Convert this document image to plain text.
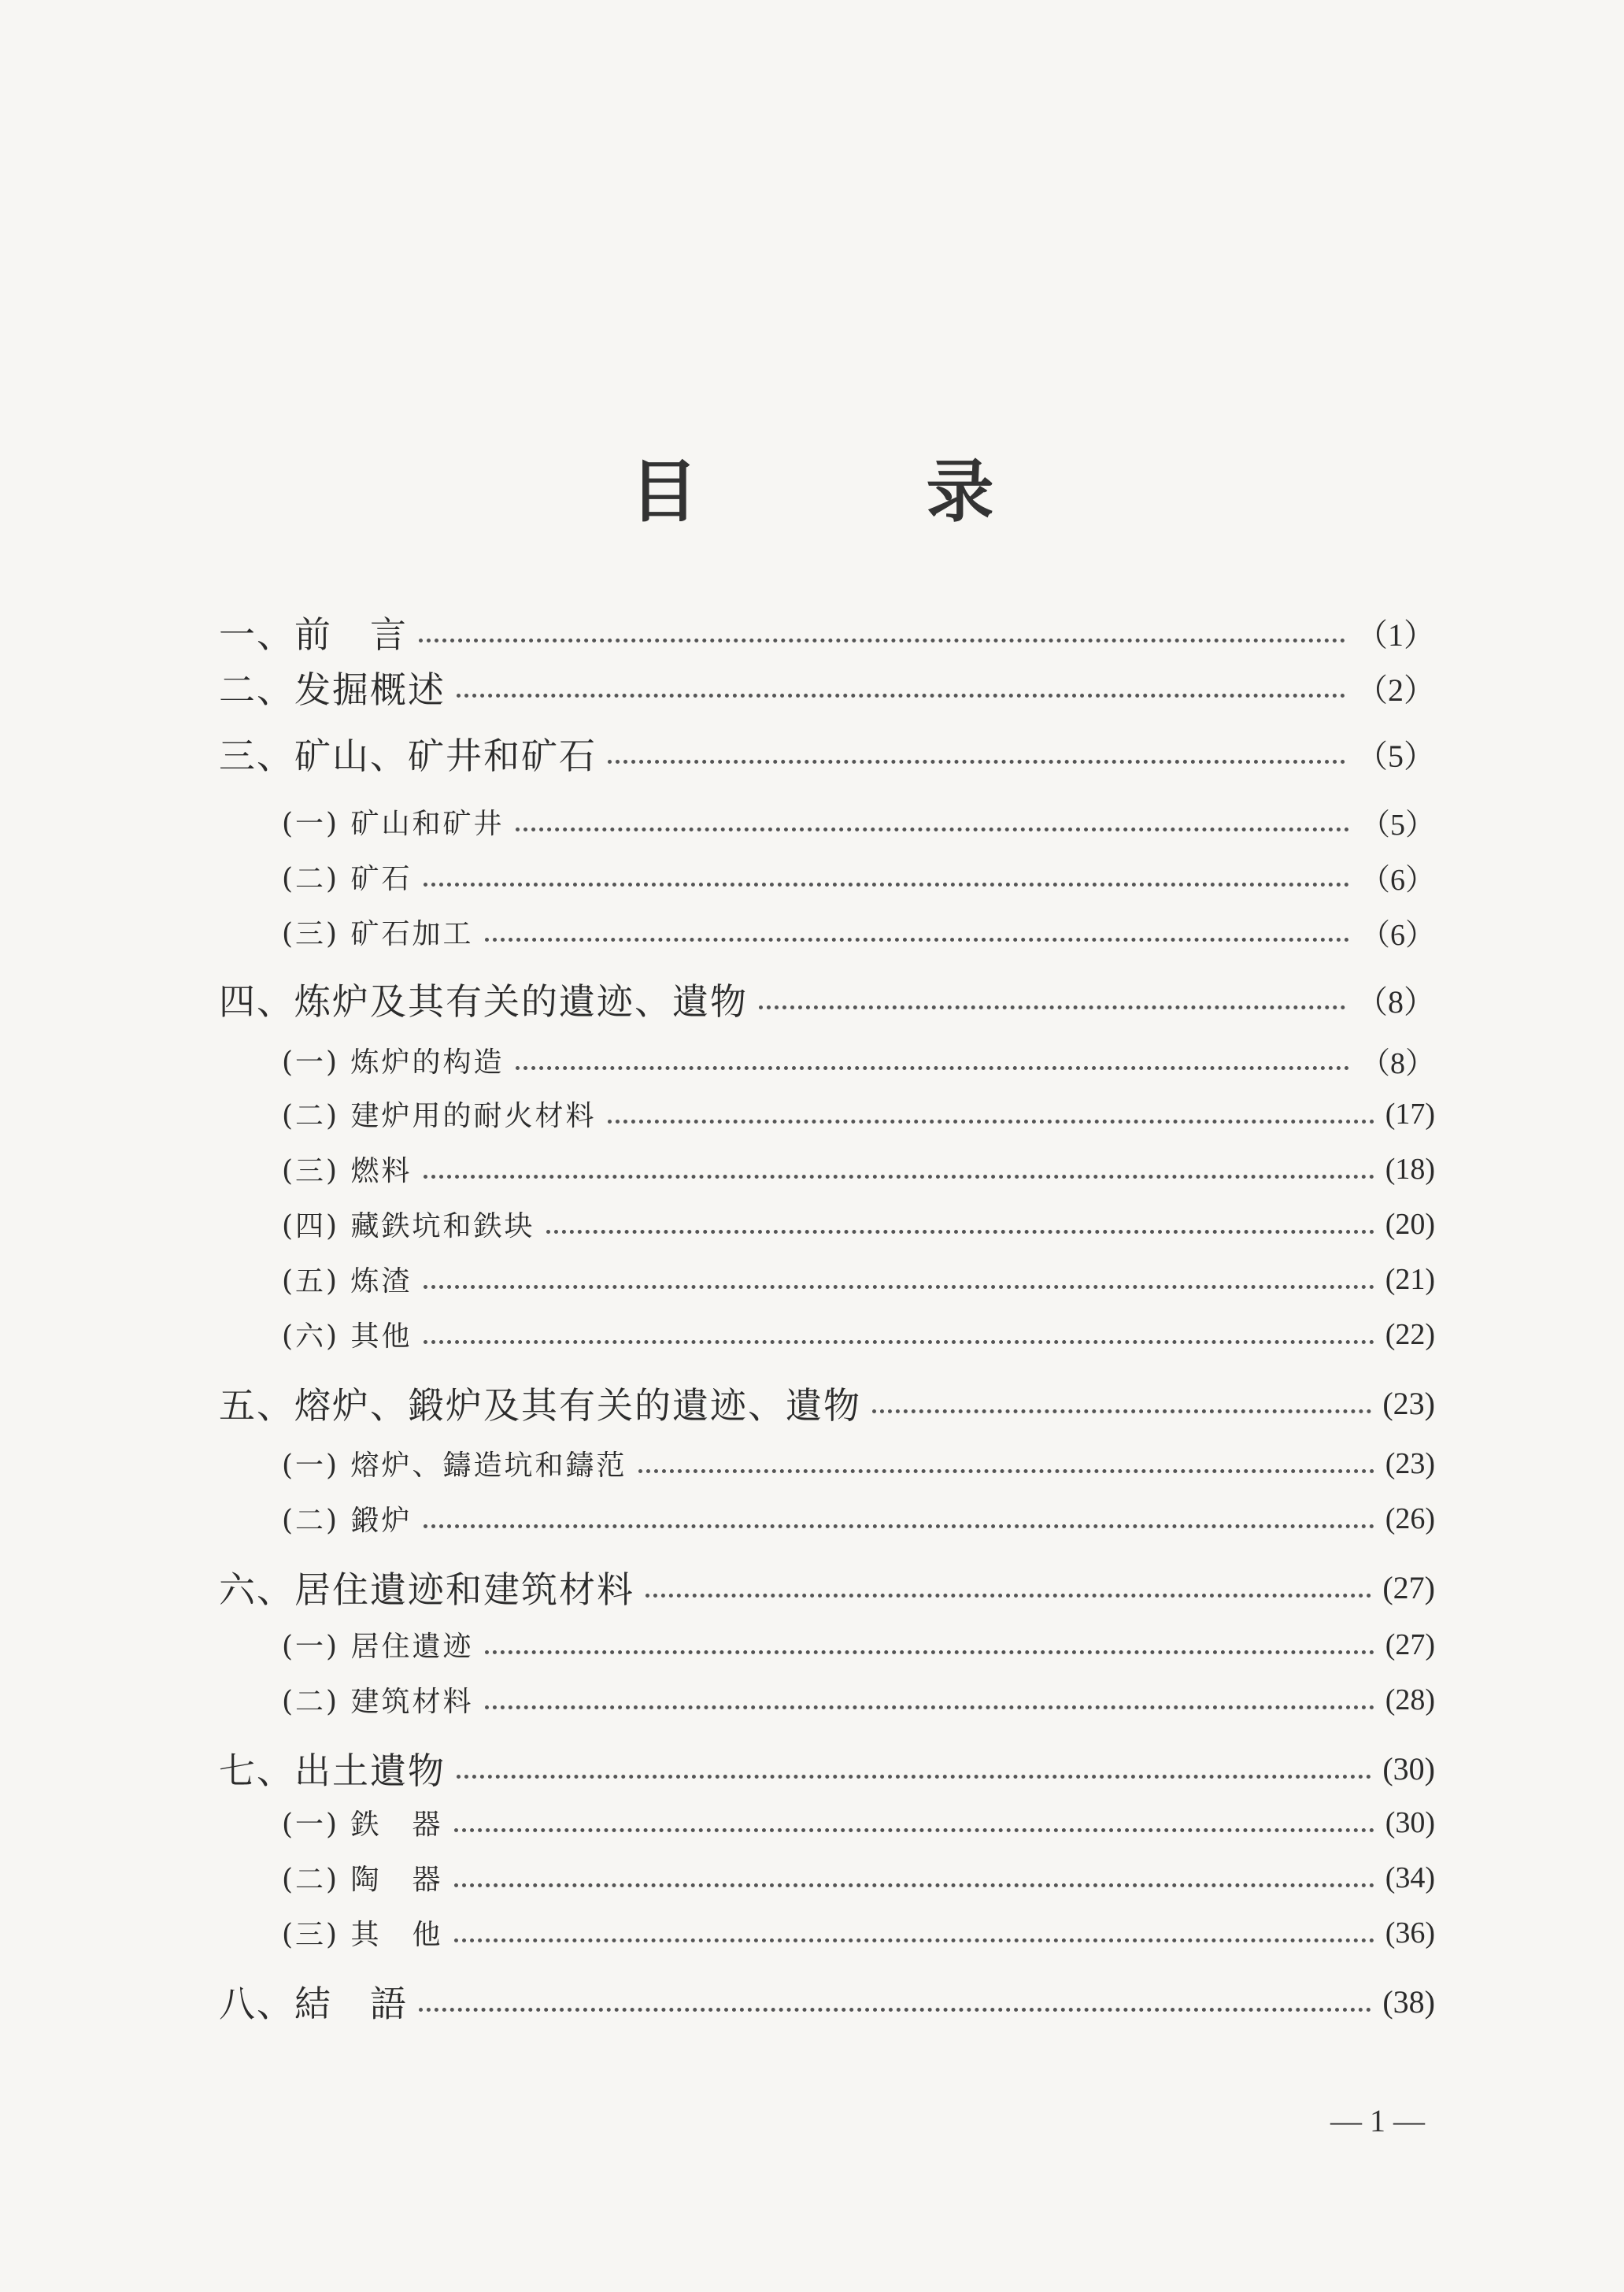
目	录
一、前　言	（1）
二、发掘概述	（2）
三、矿山、矿井和矿石	（5）
(一) 矿山和矿井	（5）
(二) 矿石	（6）
(三) 矿石加工	（6）
四、炼炉及其有关的遺迹、遺物	（8）
(一) 炼炉的构造	（8）
(二) 建炉用的耐火材料	(17)
(三) 燃料	(18)
(四) 藏鉄坑和鉄块	(20)
(五) 炼渣	(21)
(六) 其他	(22)
五、熔炉、鍛炉及其有关的遺迹、遺物	(23)
(一) 熔炉、鑄造坑和鑄范	(23)
(二) 鍛炉	(26)
六、居住遺迹和建筑材料	(27)
(一) 居住遺迹	(27)
(二) 建筑材料	(28)
七、出土遺物	(30)
(一) 鉄　器	(30)
(二) 陶　器	(34)
(三) 其　他	(36)
八、結　語	(38)
— 1 —
